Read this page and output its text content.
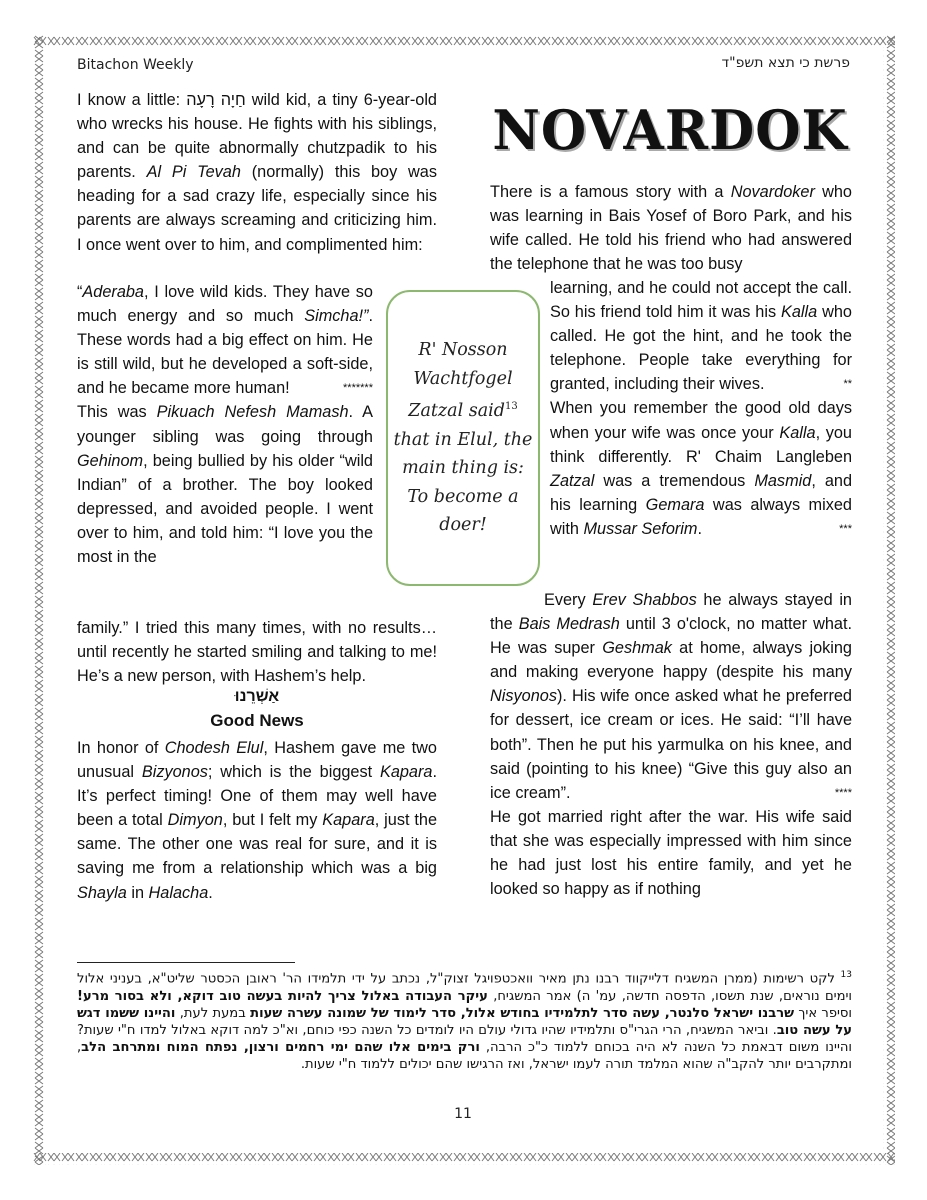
Bitachon Weekly	פרשת כי תצא תשפ"ד
NOVARDOK

I know a little: חַיָה רָעָה wild kid, a tiny 6-year-old who wrecks his house. He fights with his siblings, and can be quite abnormally chutzpadik to his parents. Al Pi Tevah (normally) this boy was heading for a sad crazy life, especially since his parents are always screaming and criticizing him. I once went over to him, and complimented him:

“Aderaba, I love wild kids. They have so much energy and so much Simcha!”. These words had a big effect on him. He is still wild, but he developed a soft-side, and he became more human!	*******

This was Pikuach Nefesh Mamash. A younger sibling was going through Gehinom, being bullied by his older “wild Indian” of a brother. The boy looked depressed, and avoided people. I went over to him, and told him: “I love you the most in the

family.” I tried this many times, with no results… until recently he started smiling and talking to me! He’s a new person, with Hashem’s help.

אַשְׁרֵנוּ
Good News

In honor of Chodesh Elul, Hashem gave me two unusual Bizyonos; which is the biggest Kapara. It’s perfect timing! One of them may well have been a total Dimyon, but I felt my Kapara, just the same. The other one was real for sure, and it is saving me from a relationship which was a big Shayla in Halacha.

R' Nosson Wachtfogel Zatzal said$^{13}$ that in Elul, the main thing is: To become a doer!

There is a famous story with a Novardoker who was learning in Bais Yosef of Boro Park, and his wife called. He told his friend who had answered the telephone that he was too busy

learning, and he could not accept the call. So his friend told him it was his Kalla who called. He got the hint, and he took the telephone. People take everything for granted, including their wives.	**

When you remember the good old days when your wife was once your Kalla, you think differently. R' Chaim Langleben Zatzal was a tremendous Masmid, and his learning Gemara was always mixed with Mussar Seforim.	***

Every Erev Shabbos he always stayed in the Bais Medrash until 3 o'clock, no matter what. He was super Geshmak at home, always joking and making everyone happy (despite his many Nisyonos). His wife once asked what he preferred for dessert, ice cream or ices. He said: “I’ll have both”. Then he put his yarmulka on his knee, and said (pointing to his knee) “Give this guy also an ice cream”.	****

He got married right after the war. His wife said that she was especially impressed with him since he had just lost his entire family, and yet he looked so happy as if nothing

$^{13}$ לקט רשימות (ממרן המשגיח דלייקווד רבנו נתן מאיר וואכטפויגל זצוק"ל, נכתב על ידי תלמידו הר' ראובן הכסטר שליט"א, בעניני אלול וימים נוראים, שנת תשסו, הדפסה חדשה, עמ' ה) אמר המשגיח, עיקר העבודה באלול צריך להיות בעשה טוב דוקא, ולא בסור מרע! וסיפר איך שרבנו ישראל סלנטר, עשה סדר לתלמידיו בחודש אלול, סדר לימוד של שמונה עשרה שעות במעת לעת, והיינו ששמו דגש על עשה טוב. וביאר המשגיח, הרי הגרי"ס ותלמידיו שהיו גדולי עולם היו לומדים כל השנה כפי כוחם, וא"כ למה דוקא באלול למדו ח"י שעות? והיינו משום דבאמת כל השנה לא היה בכוחם ללמוד כ"כ הרבה, ורק בימים אלו שהם ימי רחמים ורצון, נפתח המוח ומתרחב הלב, ומתקרבים יותר להקב"ה שהוא המלמד תורה לעמו ישראל, ואז הרגישו שהם יכולים ללמוד ח"י שעות.
11
